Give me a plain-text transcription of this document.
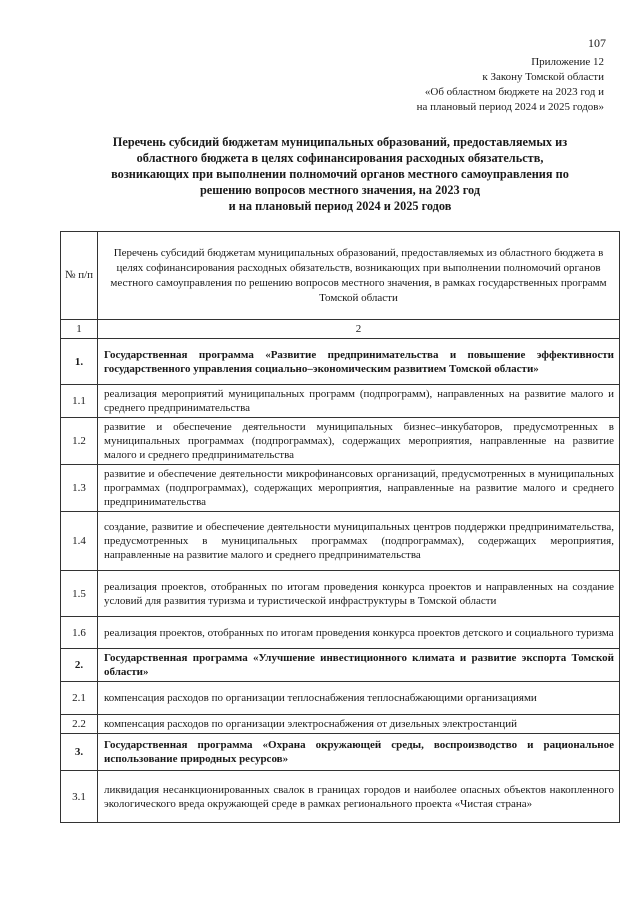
107
Приложение 12
к Закону Томской области
«Об областном бюджете на 2023 год и
на плановый период 2024 и 2025 годов»
Перечень субсидий бюджетам муниципальных образований, предоставляемых из
областного бюджета в целях софинансирования расходных обязательств,
возникающих при выполнении полномочий органов местного самоуправления по
решению вопросов местного значения, на 2023 год
и на плановый период 2024 и 2025 годов
№ п/п	Перечень субсидий бюджетам муниципальных образований, предоставляемых из областного бюджета в целях софинансирования расходных обязательств, возникающих при выполнении полномочий органов местного самоуправления по решению вопросов местного значения, в рамках государственных программ Томской области
1	2
1.	Государственная программа «Развитие предпринимательства и повышение эффективности государственного управления социально–экономическим развитием Томской области»
1.1	реализация мероприятий муниципальных программ (подпрограмм), направленных на развитие малого и среднего предпринимательства
1.2	развитие и обеспечение деятельности муниципальных бизнес–инкубаторов, предусмотренных в муниципальных программах (подпрограммах), содержащих мероприятия, направленные на развитие малого и среднего предпринимательства
1.3	развитие и обеспечение деятельности микрофинансовых организаций, предусмотренных в муниципальных программах (подпрограммах), содержащих мероприятия, направленные на развитие малого и среднего предпринимательства
1.4	создание, развитие и обеспечение деятельности муниципальных центров поддержки предпринимательства, предусмотренных в муниципальных программах (подпрограммах), содержащих мероприятия, направленные на развитие малого и среднего предпринимательства
1.5	реализация проектов, отобранных по итогам проведения конкурса проектов и направленных на создание условий для развития туризма и туристической инфраструктуры в Томской области
1.6	реализация проектов, отобранных по итогам проведения конкурса проектов детского и социального туризма
2.	Государственная программа «Улучшение инвестиционного климата и развитие экспорта Томской области»
2.1	компенсация расходов по организации теплоснабжения теплоснабжающими организациями
2.2	компенсация расходов по организации электроснабжения от дизельных электростанций
3.	Государственная программа «Охрана окружающей среды, воспроизводство и рациональное использование природных ресурсов»
3.1	ликвидация несанкционированных свалок в границах городов и наиболее опасных объектов накопленного экологического вреда окружающей среде в рамках регионального проекта «Чистая страна»
